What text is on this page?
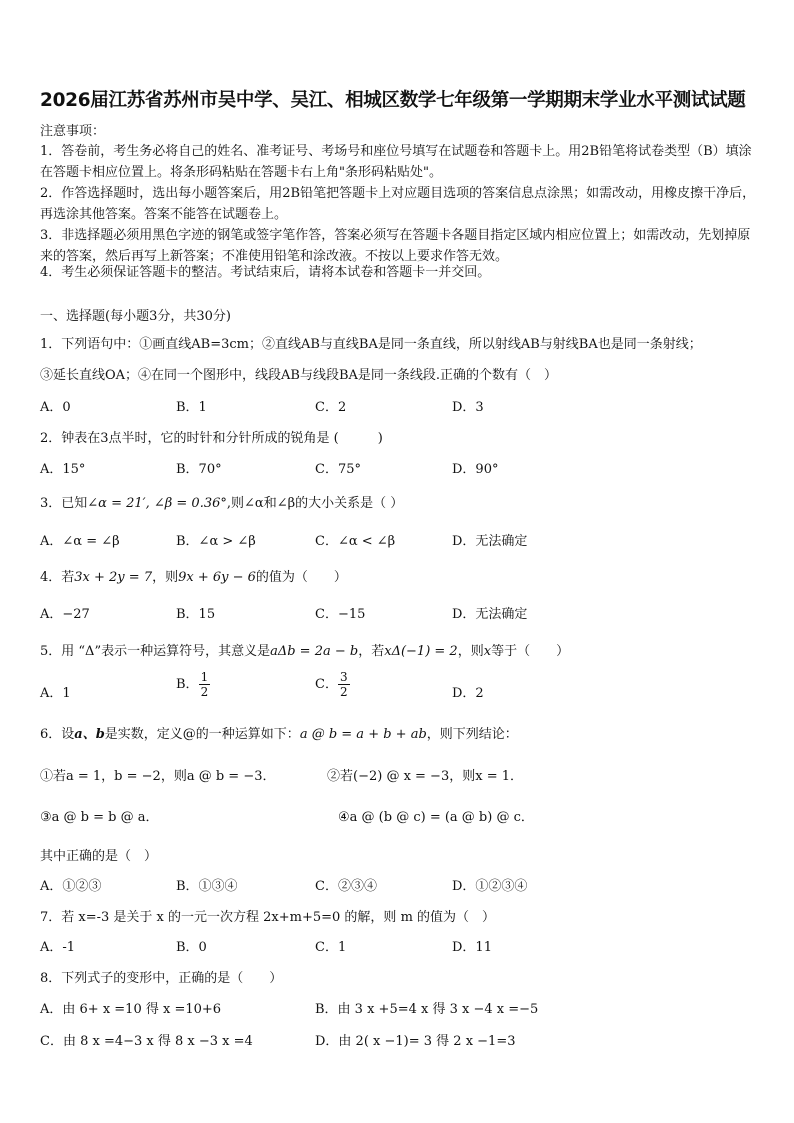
2026届江苏省苏州市吴中学、吴江、相城区数学七年级第一学期期末学业水平测试试题
注意事项：
1．答卷前，考生务必将自己的姓名、准考证号、考场号和座位号填写在试题卷和答题卡上。用2B铅笔将试卷类型（B）填涂在答题卡相应位置上。将条形码粘贴在答题卡右上角"条形码粘贴处"。
2．作答选择题时，选出每小题答案后，用2B铅笔把答题卡上对应题目选项的答案信息点涂黑；如需改动，用橡皮擦干净后，再选涂其他答案。答案不能答在试题卷上。
3．非选择题必须用黑色字迹的钢笔或签字笔作答，答案必须写在答题卡各题目指定区域内相应位置上；如需改动，先划掉原来的答案，然后再写上新答案；不准使用铅笔和涂改液。不按以上要求作答无效。
4．考生必须保证答题卡的整洁。考试结束后，请将本试卷和答题卡一并交回。
一、选择题(每小题3分，共30分)
1．下列语句中：①画直线AB=3cm；②直线AB与直线BA是同一条直线，所以射线AB与射线BA也是同一条射线；
③延长直线OA；④在同一个图形中，线段AB与线段BA是同一条线段.正确的个数有（　）
A．0	B．1	C．2	D．3
2．钟表在3点半时，它的时针和分针所成的锐角是 (　　　)
A．15°	B．70°	C．75°	D．90°
3．已知∠α = 21′, ∠β = 0.36°,则∠α和∠β的大小关系是（ ）
A．∠α = ∠β	B．∠α > ∠β	C．∠α < ∠β	D．无法确定
4．若3x + 2y = 7，则9x + 6y − 6的值为（　　）
A．−27	B．15	C．−15	D．无法确定
5．用 “Δ”表示一种运算符号，其意义是aΔb = 2a − b，若xΔ(−1) = 2，则x等于（　　）
A．1
B． $\frac{1}{2}$	C． $\frac{3}{2}$	D．2
6．设a、b是实数，定义@的一种运算如下：a @ b = a + b + ab，则下列结论：
①若a = 1，b = −2，则a @ b = −3．	②若(−2) @ x = −3，则x = 1．
③a @ b = b @ a．	④a @ (b @ c) = (a @ b) @ c．
其中正确的是（　）
A．①②③	B．①③④	C．②③④	D．①②③④
7．若 x=-3 是关于 x 的一元一次方程 2x+m+5=0 的解，则 m 的值为（　）
A．-1	B．0	C．1	D．11
8．下列式子的变形中，正确的是（　　）
A．由 6+ x =10 得 x =10+6	B．由 3 x +5=4 x 得 3 x −4 x =−5
C．由 8 x =4−3 x 得 8 x −3 x =4	D．由 2( x −1)= 3 得 2 x −1=3
